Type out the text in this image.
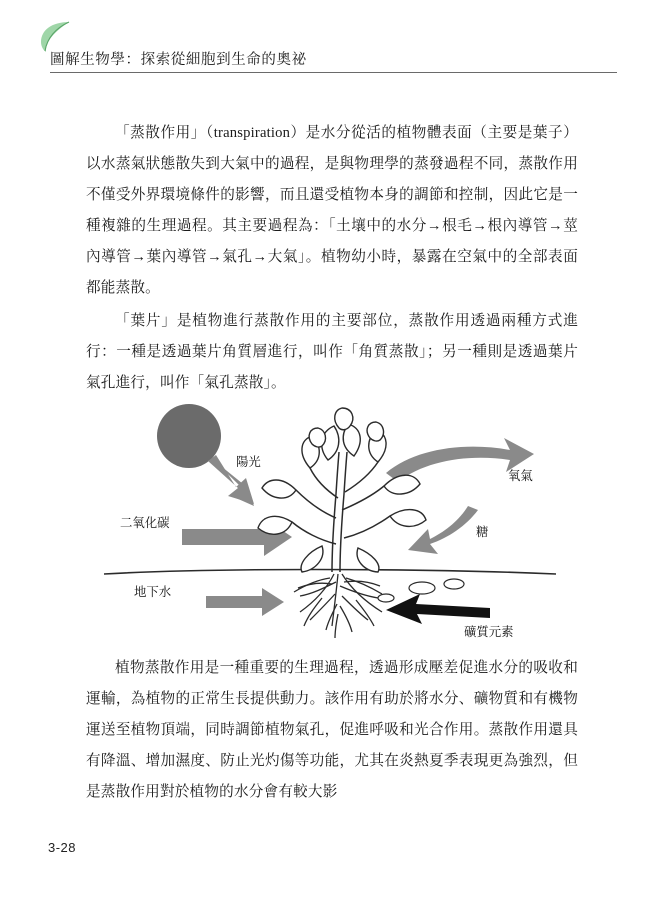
圖解生物學：探索從細胞到生命的奧祕

「蒸散作用」（transpiration）是水分從活的植物體表面（主要是葉子）以水蒸氣狀態散失到大氣中的過程，是與物理學的蒸發過程不同，蒸散作用不僅受外界環境條件的影響，而且還受植物本身的調節和控制，因此它是一種複雜的生理過程。其主要過程為：「土壤中的水分→根毛→根內導管→莖內導管→葉內導管→氣孔→大氣」。植物幼小時，暴露在空氣中的全部表面都能蒸散。

「葉片」是植物進行蒸散作用的主要部位，蒸散作用透過兩種方式進行：一種是透過葉片角質層進行，叫作「角質蒸散」；另一種則是透過葉片氣孔進行，叫作「氣孔蒸散」。

陽光
氧氣
二氧化碳
糖
地下水
礦質元素

植物蒸散作用是一種重要的生理過程，透過形成壓差促進水分的吸收和運輸，為植物的正常生長提供動力。該作用有助於將水分、礦物質和有機物運送至植物頂端，同時調節植物氣孔，促進呼吸和光合作用。蒸散作用還具有降溫、增加濕度、防止光灼傷等功能，尤其在炎熱夏季表現更為強烈，但是蒸散作用對於植物的水分會有較大影

3-28
